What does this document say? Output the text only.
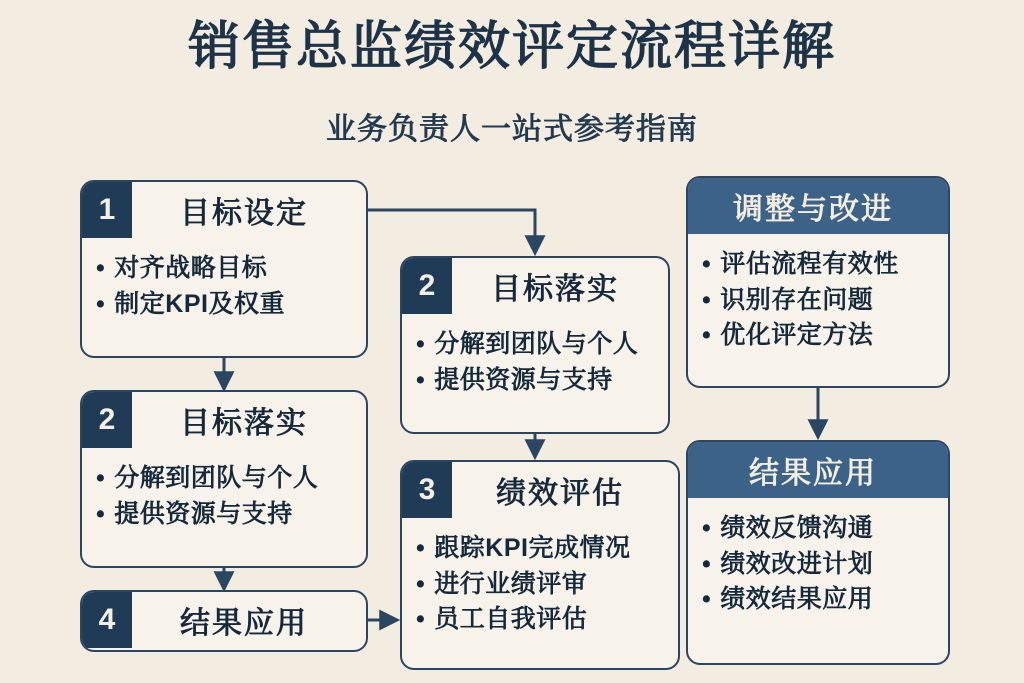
销售总监绩效评定流程详解
业务负责人一站式参考指南
1	目标设定
• 对齐战略目标
• 制定KPI及权重
2	目标落实
• 分解到团队与个人
• 提供资源与支持
4	结果应用
2	目标落实
• 分解到团队与个人
• 提供资源与支持
3	绩效评估
• 跟踪KPI完成情况
• 进行业绩评审
• 员工自我评估
调整与改进
• 评估流程有效性
• 识别存在问题
• 优化评定方法
结果应用
• 绩效反馈沟通
• 绩效改进计划
• 绩效结果应用
